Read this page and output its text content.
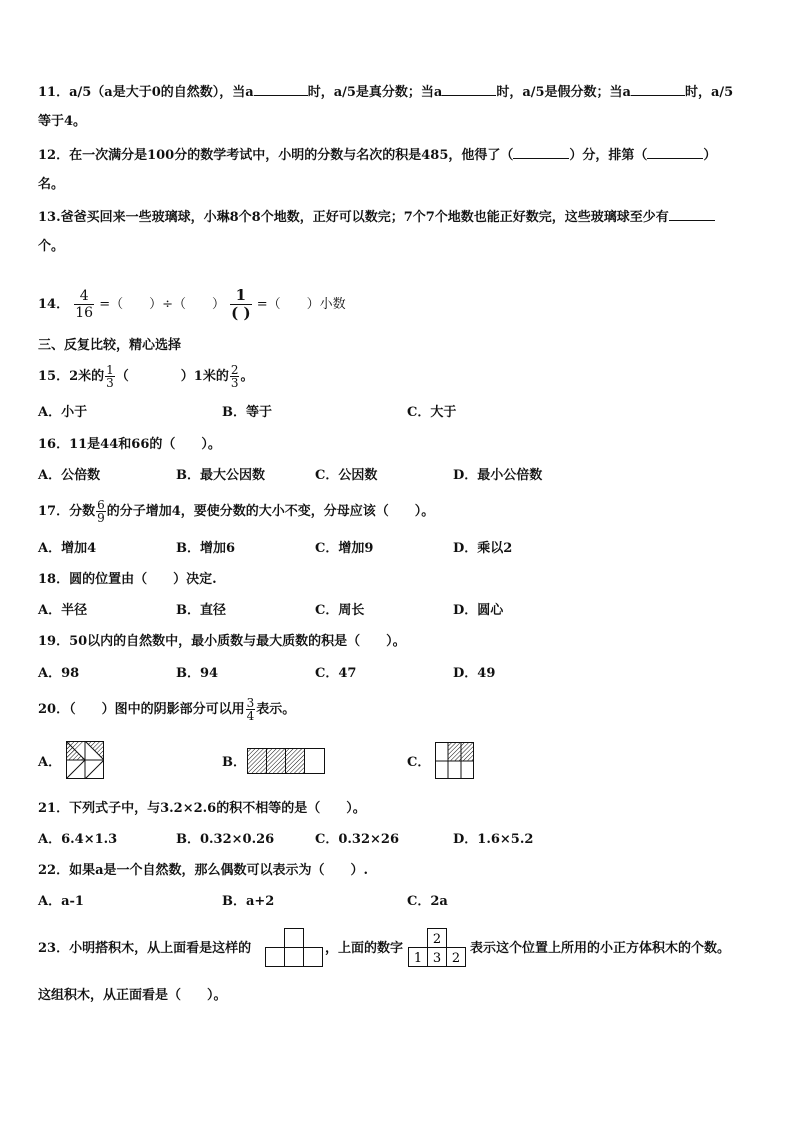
11．a/5（a是大于0的自然数），当a	时，a/5是真分数；当a	时，a/5是假分数；当a	时，a/5
等于4。
12．在一次满分是100分的数学考试中，小明的分数与名次的积是485，他得了（	）分，排第（	）
名。
13.爸爸买回来一些玻璃球，小琳8个8个地数，正好可以数完；7个7个地数也能正好数完，这些玻璃球至少有
个。
14． $\frac{4}{16}$ =（　　）÷（　　） $\frac{1}{( )}$ =（　　）小数
三、反复比较，精心选择
15．2米的 $\frac{1}{3}$ （　　　　）1米的 $\frac{2}{3}$ 。
A．小于	B．等于	C．大于
16．11是44和66的（　　）。
A．公倍数	B．最大公因数	C．公因数	D．最小公倍数
17．分数 $\frac{6}{9}$ 的分子增加4，要使分数的大小不变，分母应该（　　）。
A．增加4	B．增加6	C．增加9	D．乘以2
18．圆的位置由（　　）决定.
A．半径	B．直径	C．周长	D．圆心
19．50以内的自然数中，最小质数与最大质数的积是（　　）。
A．98	B．94	C．47	D．49
20．（　　）图中的阴影部分可以用 $\frac{3}{4}$ 表示。
A．	B．	C．
21．下列式子中，与3.2×2.6的积不相等的是（　　）。
A．6.4×1.3	B．0.32×0.26	C．0.32×26	D．1.6×5.2
22．如果a是一个自然数，那么偶数可以表示为（　　）.
A．a-1	B．a+2	C．2a
23．小明搭积木，从上面看是这样的	，上面的数字
2
1 3 2
表示这个位置上所用的小正方体积木的个数。
这组积木，从正面看是（　　）。
